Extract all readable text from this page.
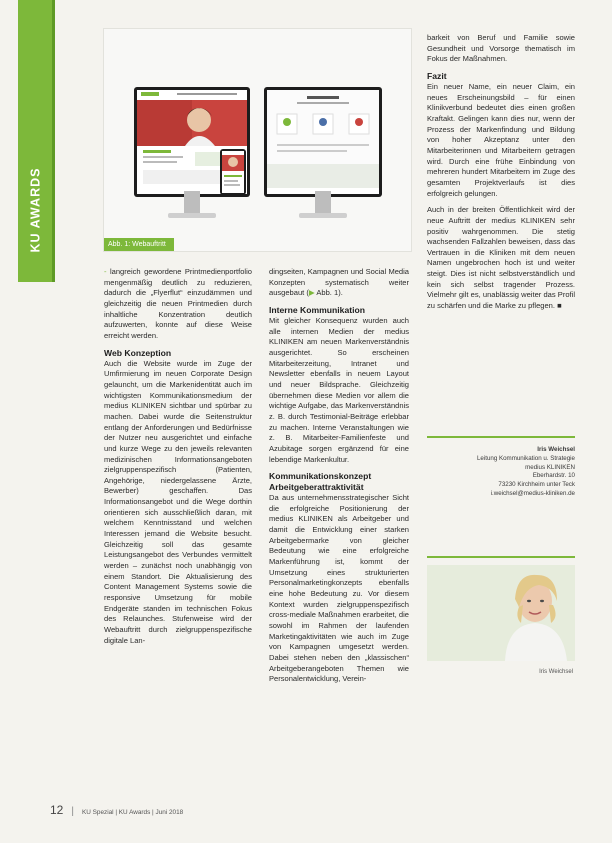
KU AWARDS	Abb. 1: Webauftritt

- langreich gewordene Printmedienportfolio mengenmäßig deutlich zu reduzieren, dadurch die „Flyerflut“ einzudämmen und gleichzeitig die neuen Printmedien durch inhaltliche Konzentration deutlich aufzuwerten, konnte auf diese Weise erreicht werden.

Web Konzeption

Auch die Website wurde im Zuge der Umfirmierung im neuen Corporate Design gelauncht, um die Markenidentität auch im wichtigsten Kommunikationsmedium der medius KLINIKEN sichtbar und spürbar zu machen. Dabei wurde die Seitenstruktur entlang der Anforderungen und Bedürfnisse der Nutzer neu ausgerichtet und einfache und kurze Wege zu den jeweils relevanten medizinischen Informationsangeboten zielgruppenspezifisch (Patienten, Angehörige, niedergelassene Ärzte, Bewerber) geschaffen. Das Informationsangebot und die Wege dorthin orientieren sich ausschließlich daran, mit welchem Kenntnisstand und welchen Interessen jemand die Website besucht. Gleichzeitig soll das gesamte Leistungsangebot des Verbundes vermittelt werden – zunächst noch unabhängig von einem Standort. Die Aktualisierung des Content Management Systems sowie die responsive Umsetzung für mobile Endgeräte standen im technischen Fokus des Relaunches. Stufenweise wird der Webauftritt durch zielgruppenspezifische digitale Lan-

dingseiten, Kampagnen und Social Media Konzepten systematisch weiter ausgebaut (▶ Abb. 1).

Interne Kommunikation

Mit gleicher Konsequenz wurden auch alle internen Medien der medius KLINIKEN am neuen Markenverständnis ausgerichtet. So erscheinen Mitarbeiterzeitung, Intranet und Newsletter ebenfalls in neuem Layout und neuer Bildsprache. Gleichzeitig übernehmen diese Medien vor allem die wichtige Aufgabe, das Markenverständnis z. B. durch Testimonial-Beiträge erlebbar zu machen. Interne Veranstaltungen wie z. B. Mitarbeiter-Familienfeste und Azubitage sorgen ergänzend für eine lebendige Markenkultur.

Kommunikationskonzept Arbeitgeberattraktivität

Da aus unternehmensstrategischer Sicht die erfolgreiche Positionierung der medius KLINIKEN als Arbeitgeber und damit die Entwicklung einer starken Arbeitgebermarke von gleicher Bedeutung wie eine erfolgreiche Markenführung ist, kommt der Umsetzung eines strukturierten Personalmarketingkonzepts ebenfalls eine hohe Bedeutung zu. Vor diesem Kontext wurden zielgruppenspezifisch cross-mediale Maßnahmen erarbeitet, die sowohl im Rahmen der laufenden Marketingaktivitäten wie auch im Zuge von Kampagnen umgesetzt werden. Dabei stehen neben den „klassischen“ Arbeitgeberangeboten Themen wie Personalentwicklung, Verein-

barkeit von Beruf und Familie sowie Gesundheit und Vorsorge thematisch im Fokus der Maßnahmen.

Fazit

Ein neuer Name, ein neuer Claim, ein neues Erscheinungsbild – für einen Klinikverbund bedeutet dies einen großen Kraftakt. Gelingen kann dies nur, wenn der Prozess der Markenfindung und Bildung von hoher Akzeptanz unter den Mitarbeiterinnen und Mitarbeitern getragen wird. Durch eine frühe Einbindung von mehreren hundert Mitarbeitern im Zuge des gesamten Projektverlaufs ist dies erfolgreich gelungen.

Auch in der breiten Öffentlichkeit wird der neue Auftritt der medius KLINIKEN sehr positiv wahrgenommen. Die stetig wachsenden Fallzahlen beweisen, dass das Vertrauen in die Kliniken mit dem neuen Namen ungebrochen hoch ist und weiter steigt. Dies ist nicht selbstverständlich und kein sich selbst tragender Prozess. Vielmehr gilt es, unablässig weiter das Profil zu schärfen und die Marke zu pflegen. ■

Iris Weichsel
Leitung Kommunikation u. Strategie
medius KLINIKEN
Eberhardstr. 10
73230 Kirchheim unter Teck
i.weichsel@medius-kliniken.de
Iris Weichsel
12 | KU Spezial | KU Awards | Juni 2018
